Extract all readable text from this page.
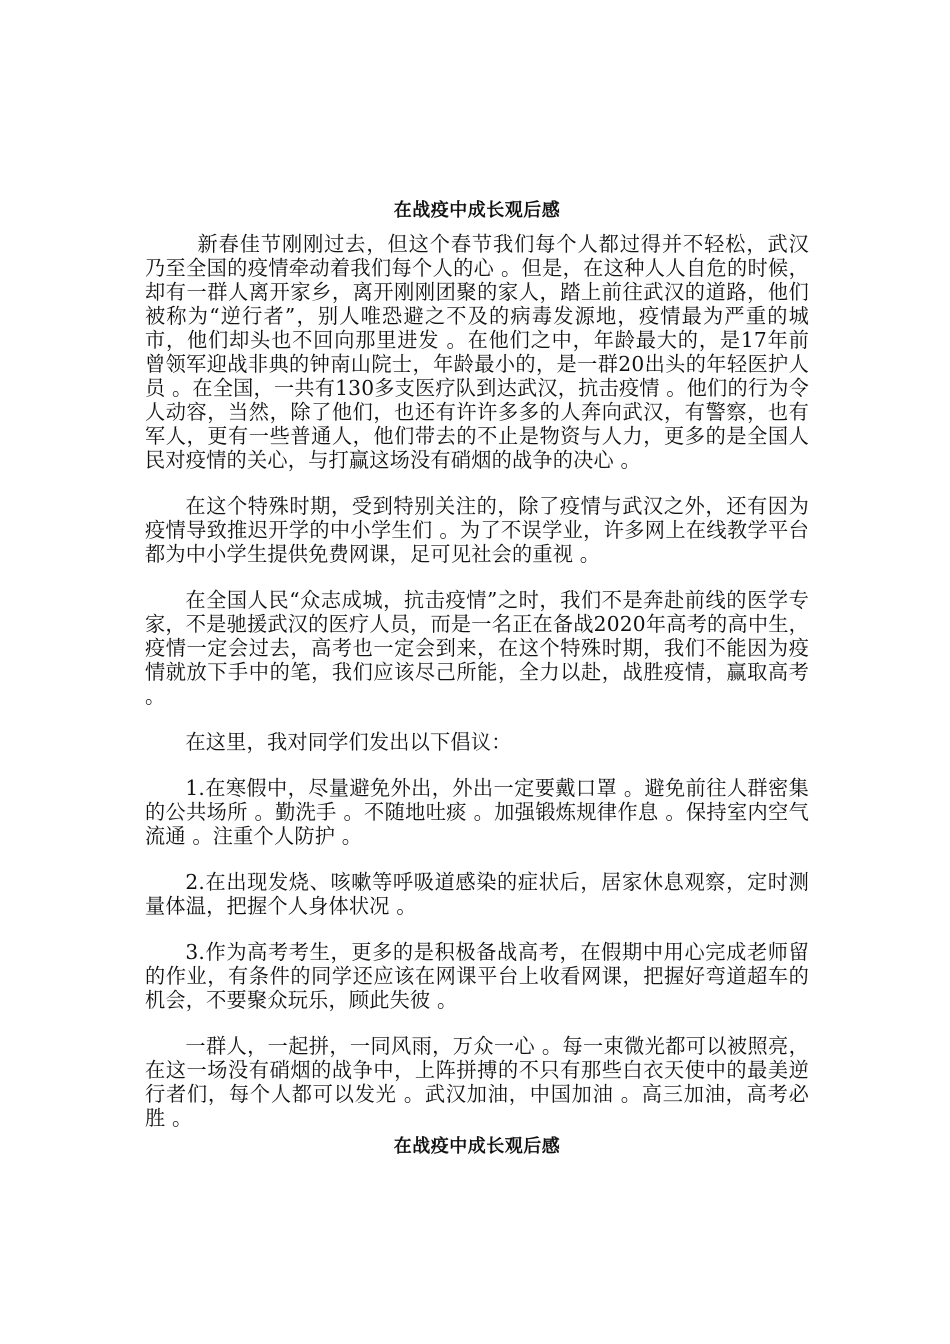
在战疫中成长观后感

新春佳节刚刚过去，但这个春节我们每个人都过得并不轻松，武汉乃至全国的疫情牵动着我们每个人的心 。但是，在这种人人自危的时候，却有一群人离开家乡，离开刚刚团聚的家人，踏上前往武汉的道路，他们被称为“逆行者”，别人唯恐避之不及的病毒发源地，疫情最为严重的城市，他们却头也不回向那里进发 。在他们之中，年龄最大的，是17年前曾领军迎战非典的钟南山院士，年龄最小的，是一群20出头的年轻医护人员 。在全国，一共有130多支医疗队到达武汉，抗击疫情 。他们的行为令人动容，当然，除了他们，也还有许许多多的人奔向武汉，有警察，也有军人，更有一些普通人，他们带去的不止是物资与人力，更多的是全国人民对疫情的关心，与打赢这场没有硝烟的战争的决心 。

在这个特殊时期，受到特别关注的，除了疫情与武汉之外，还有因为疫情导致推迟开学的中小学生们 。为了不误学业，许多网上在线教学平台都为中小学生提供免费网课，足可见社会的重视 。

在全国人民“众志成城，抗击疫情”之时，我们不是奔赴前线的医学专家，不是驰援武汉的医疗人员，而是一名正在备战2020年高考的高中生，疫情一定会过去，高考也一定会到来，在这个特殊时期，我们不能因为疫情就放下手中的笔，我们应该尽己所能，全力以赴，战胜疫情，赢取高考 。

在这里，我对同学们发出以下倡议：

1.在寒假中，尽量避免外出，外出一定要戴口罩 。避免前往人群密集的公共场所 。勤洗手 。不随地吐痰 。加强锻炼规律作息 。保持室内空气流通 。注重个人防护 。

2.在出现发烧、咳嗽等呼吸道感染的症状后，居家休息观察，定时测量体温，把握个人身体状况 。

3.作为高考考生，更多的是积极备战高考，在假期中用心完成老师留的作业，有条件的同学还应该在网课平台上收看网课，把握好弯道超车的机会，不要聚众玩乐，顾此失彼 。

一群人，一起拼，一同风雨，万众一心 。每一束微光都可以被照亮，在这一场没有硝烟的战争中，上阵拼搏的不只有那些白衣天使中的最美逆行者们，每个人都可以发光 。武汉加油，中国加油 。高三加油，高考必胜 。

在战疫中成长观后感
